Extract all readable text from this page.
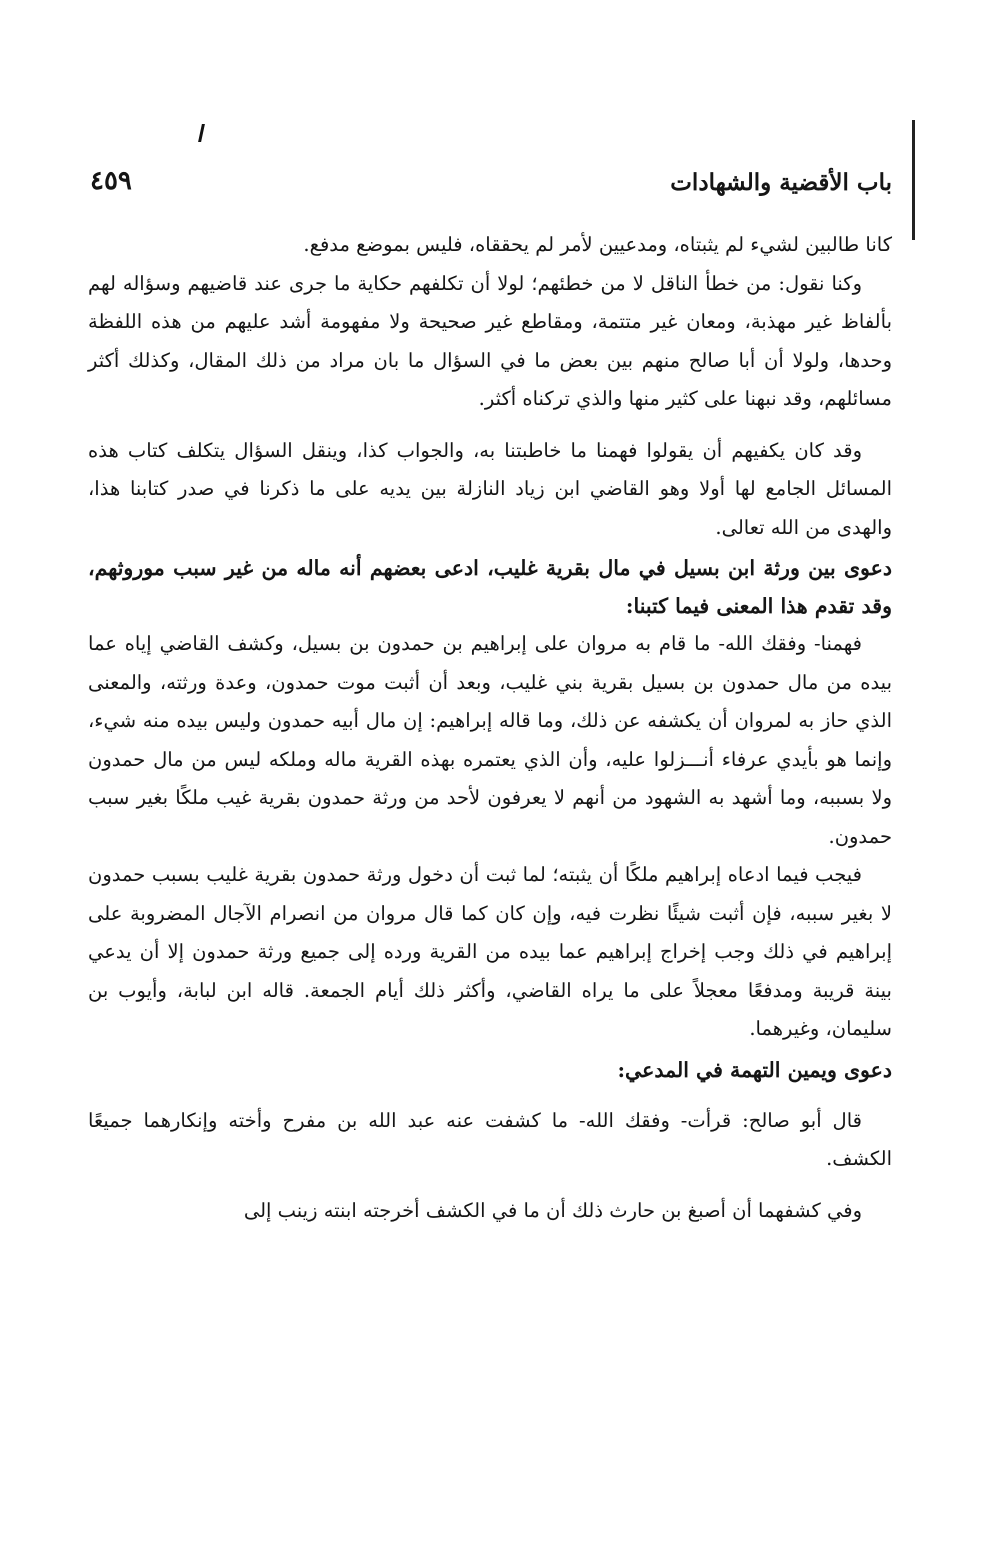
٤٥٩	باب الأقضية والشهادات

كانا طالبين لشيء لم يثبتاه، ومدعيين لأمر لم يحققاه، فليس بموضع مدفع.

وكنا نقول: من خطأ الناقل لا من خطئهم؛ لولا أن تكلفهم حكاية ما جرى عند قاضيهم وسؤاله لهم بألفاظ غير مهذبة، ومعان غير متتمة، ومقاطع غير صحيحة ولا مفهومة أشد عليهم من هذه اللفظة وحدها، ولولا أن أبا صالح منهم بين بعض ما في السؤال ما بان مراد من ذلك المقال، وكذلك أكثر مسائلهم، وقد نبهنا على كثير منها والذي تركناه أكثر.

وقد كان يكفيهم أن يقولوا فهمنا ما خاطبتنا به، والجواب كذا، وينقل السؤال يتكلف كتاب هذه المسائل الجامع لها أولا وهو القاضي ابن زياد النازلة بين يديه على ما ذكرنا في صدر كتابنا هذا، والهدى من الله تعالى.

دعوى بين ورثة ابن بسيل في مال بقرية غليب، ادعى بعضهم أنه ماله من غير سبب موروثهم، وقد تقدم هذا المعنى فيما كتبنا:

فهمنا- وفقك الله- ما قام به مروان على إبراهيم بن حمدون بن بسيل، وكشف القاضي إياه عما بيده من مال حمدون بن بسيل بقرية بني غليب، وبعد أن أثبت موت حمدون، وعدة ورثته، والمعنى الذي حاز به لمروان أن يكشفه عن ذلك، وما قاله إبراهيم: إن مال أبيه حمدون وليس بيده منه شيء، وإنما هو بأيدي عرفاء أنـــزلوا عليه، وأن الذي يعتمره بهذه القرية ماله وملكه ليس من مال حمدون ولا بسببه، وما أشهد به الشهود من أنهم لا يعرفون لأحد من ورثة حمدون بقرية غيب ملكًا بغير سبب حمدون.

فيجب فيما ادعاه إبراهيم ملكًا أن يثبته؛ لما ثبت أن دخول ورثة حمدون بقرية غليب بسبب حمدون لا بغير سببه، فإن أثبت شيئًا نظرت فيه، وإن كان كما قال مروان من انصرام الآجال المضروبة على إبراهيم في ذلك وجب إخراج إبراهيم عما بيده من القرية ورده إلى جميع ورثة حمدون إلا أن يدعي بينة قريبة ومدفعًا معجلاً على ما يراه القاضي، وأكثر ذلك أيام الجمعة. قاله ابن لبابة، وأيوب بن سليمان، وغيرهما.

دعوى ويمين التهمة في المدعي:

قال أبو صالح: قرأت- وفقك الله- ما كشفت عنه عبد الله بن مفرح وأخته وإنكارهما جميعًا الكشف.

وفي كشفهما أن أصبغ بن حارث ذلك أن ما في الكشف أخرجته ابنته زينب إلى
